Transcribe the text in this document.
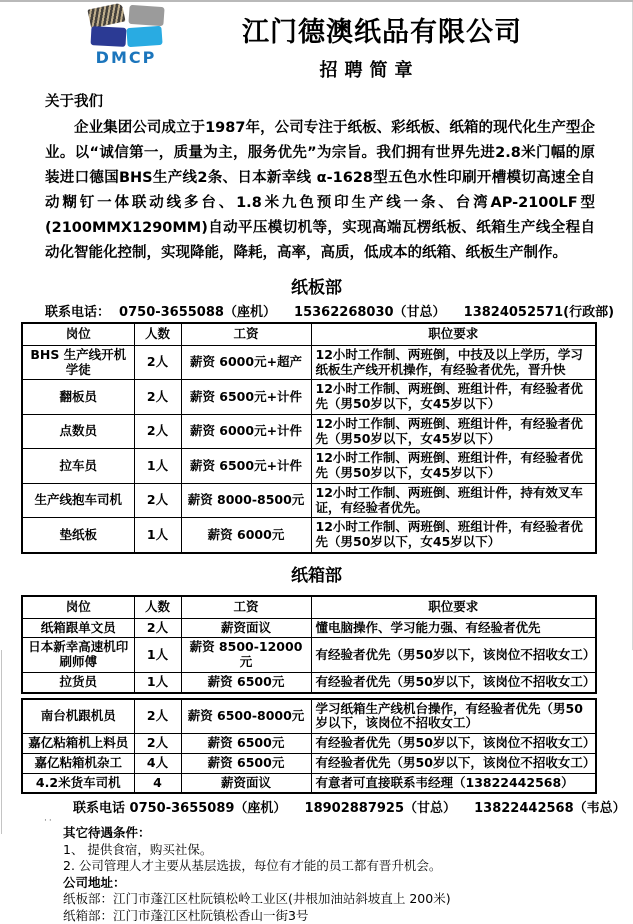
DMCP
江门德澳纸品有限公司
招聘简章
关于我们
企业集团公司成立于1987年，公司专注于纸板、彩纸板、纸箱的现代化生产型企业。以“诚信第一，质量为主，服务优先”为宗旨。我们拥有世界先进2.8米门幅的原装进口德国BHS生产线2条、日本新幸线 α-1628型五色水性印刷开槽模切高速全自动糊钉一体联动线多台、1.8米九色预印生产线一条、台湾AP-2100LF型(2100MMX1290MM)自动平压模切机等，实现高端瓦楞纸板、纸箱生产线全程自动化智能化控制，实现降能，降耗，高率，高质，低成本的纸箱、纸板生产制作。
纸板部
联系电话：  0750-3655088（座机）    15362268030（甘总）    13824052571(行政部)
岗位	人数	工资	职位要求
BHS 生产线开机学徒	2人	薪资 6000元+超产	12小时工作制、两班倒，中技及以上学历，学习纸板生产线开机操作，有经验者优先，晋升快
翻板员	2人	薪资 6500元+计件	12小时工作制、两班倒、班组计件，有经验者优先（男50岁以下，女45岁以下）
点数员	2人	薪资 6000元+计件	12小时工作制、两班倒、班组计件，有经验者优先（男50岁以下，女45岁以下）
拉车员	1人	薪资 6500元+计件	12小时工作制、两班倒、班组计件，有经验者优先（男50岁以下，女45岁以下）
生产线抱车司机	2人	薪资 8000-8500元	12小时工作制、两班倒、班组计件，持有效叉车证，有经验者优先。
垫纸板	1人	薪资 6000元	12小时工作制、两班倒、班组计件，有经验者优先（男50岁以下，女45岁以下）
纸箱部
岗位	人数	工资	职位要求
纸箱跟单文员	2人	薪资面议	懂电脑操作、学习能力强、有经验者优先
日本新幸高速机印刷师傅	1人	薪资 8500-12000元	有经验者优先（男50岁以下，该岗位不招收女工）
拉货员	1人	薪资 6500元	有经验者优先（男50岁以下，该岗位不招收女工）
南台机跟机员	2人	薪资 6500-8000元	学习纸箱生产线机台操作，有经验者优先（男50岁以下，该岗位不招收女工）
嘉亿粘箱机上料员	2人	薪资 6500元	有经验者优先（男50岁以下，该岗位不招收女工）
嘉亿粘箱机杂工	4人	薪资 6500元	有经验者优先（男50岁以下，该岗位不招收女工）
4.2米货车司机	4	薪资面议	有意者可直接联系韦经理（13822442568）
联系电话 0750-3655089（座机）    18902887925（甘总）    13822442568（韦总）
其它待遇条件：
1、 提供食宿，购买社保。
2. 公司管理人才主要从基层选拔，每位有才能的员工都有晋升机会。
公司地址：
纸板部：江门市蓬江区杜阮镇松岭工业区(井根加油站斜坡直上 200米)
纸箱部：江门市蓬江区杜阮镇松香山一街3号
··
